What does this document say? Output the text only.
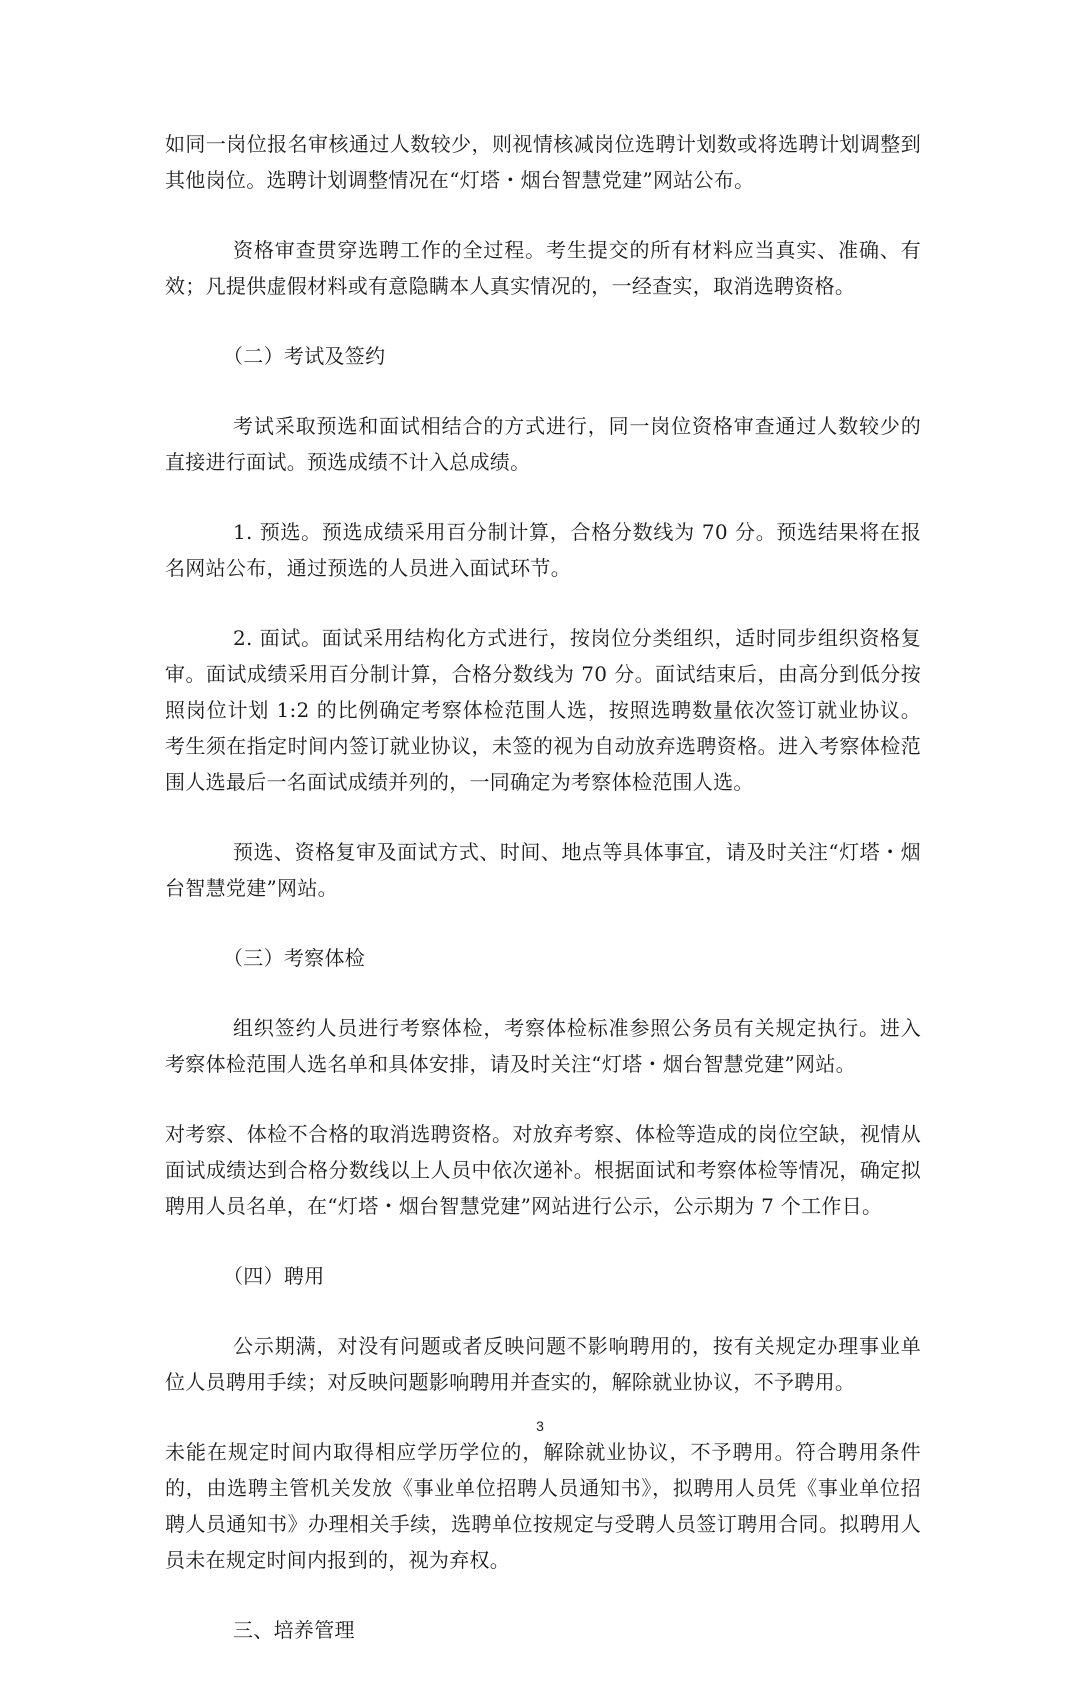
如同一岗位报名审核通过人数较少，则视情核减岗位选聘计划数或将选聘计划调整到其他岗位。选聘计划调整情况在“灯塔・烟台智慧党建”网站公布。

资格审查贯穿选聘工作的全过程。考生提交的所有材料应当真实、准确、有效；凡提供虚假材料或有意隐瞒本人真实情况的，一经查实，取消选聘资格。

（二）考试及签约

考试采取预选和面试相结合的方式进行，同一岗位资格审查通过人数较少的直接进行面试。预选成绩不计入总成绩。

1. 预选。预选成绩采用百分制计算，合格分数线为 70 分。预选结果将在报名网站公布，通过预选的人员进入面试环节。

2. 面试。面试采用结构化方式进行，按岗位分类组织，适时同步组织资格复审。面试成绩采用百分制计算，合格分数线为 70 分。面试结束后，由高分到低分按照岗位计划 1:2 的比例确定考察体检范围人选，按照选聘数量依次签订就业协议。考生须在指定时间内签订就业协议，未签的视为自动放弃选聘资格。进入考察体检范围人选最后一名面试成绩并列的，一同确定为考察体检范围人选。

预选、资格复审及面试方式、时间、地点等具体事宜，请及时关注“灯塔・烟台智慧党建”网站。

（三）考察体检

组织签约人员进行考察体检，考察体检标准参照公务员有关规定执行。进入考察体检范围人选名单和具体安排，请及时关注“灯塔・烟台智慧党建”网站。

对考察、体检不合格的取消选聘资格。对放弃考察、体检等造成的岗位空缺，视情从面试成绩达到合格分数线以上人员中依次递补。根据面试和考察体检等情况，确定拟聘用人员名单，在“灯塔・烟台智慧党建”网站进行公示，公示期为 7 个工作日。

（四）聘用

公示期满，对没有问题或者反映问题不影响聘用的，按有关规定办理事业单位人员聘用手续；对反映问题影响聘用并查实的，解除就业协议，不予聘用。

未能在规定时间内取得相应学历学位的，解除就业协议，不予聘用。符合聘用条件的，由选聘主管机关发放《事业单位招聘人员通知书》，拟聘用人员凭《事业单位招聘人员通知书》办理相关手续，选聘单位按规定与受聘人员签订聘用合同。拟聘用人员未在规定时间内报到的，视为弃权。

三、培养管理

3
